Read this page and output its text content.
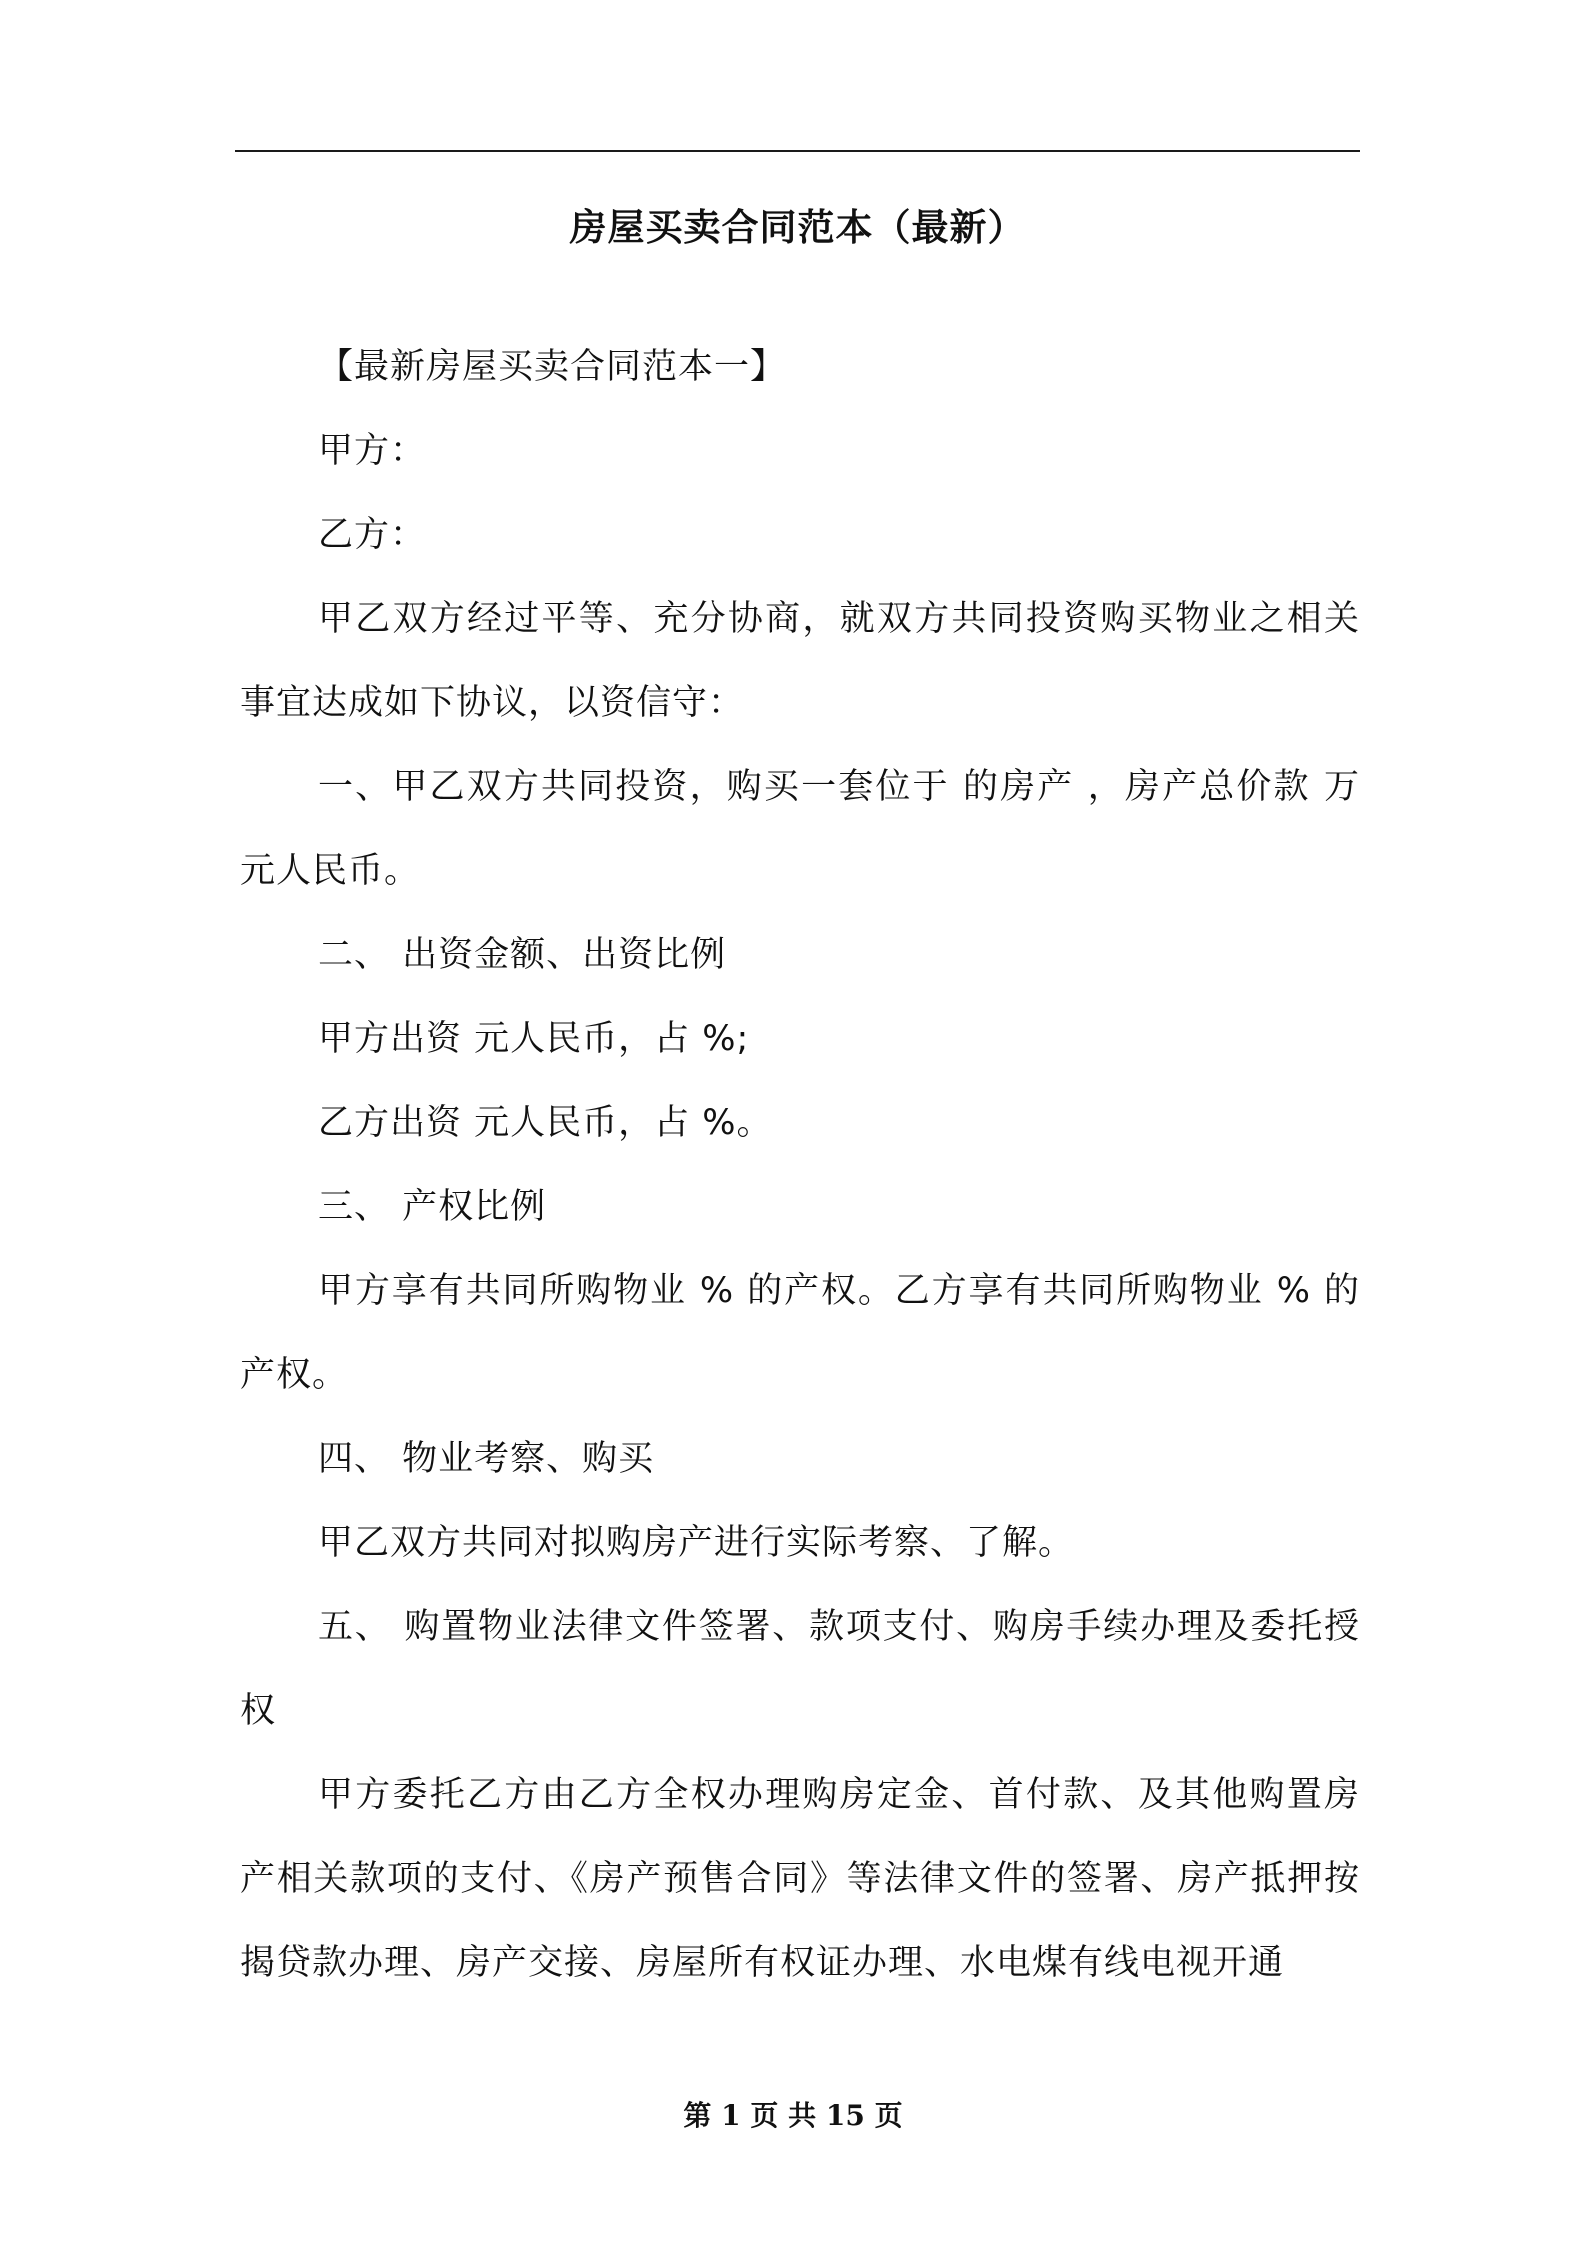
房屋买卖合同范本（最新）

【最新房屋买卖合同范本一】

甲方：

乙方：

甲乙双方经过平等、充分协商，就双方共同投资购买物业之相关事宜达成如下协议，以资信守：

一、甲乙双方共同投资，购买一套位于 的房产 ，房产总价款 万元人民币。

二、 出资金额、出资比例

甲方出资 元人民币，占 %;

乙方出资 元人民币，占 %。

三、 产权比例

甲方享有共同所购物业 % 的产权。乙方享有共同所购物业 % 的产权。

四、 物业考察、购买

甲乙双方共同对拟购房产进行实际考察、了解。

五、 购置物业法律文件签署、款项支付、购房手续办理及委托授权

甲方委托乙方由乙方全权办理购房定金、首付款、及其他购置房产相关款项的支付、《房产预售合同》等法律文件的签署、房产抵押按揭贷款办理、房产交接、房屋所有权证办理、水电煤有线电视开通

第 1 页 共 15 页
